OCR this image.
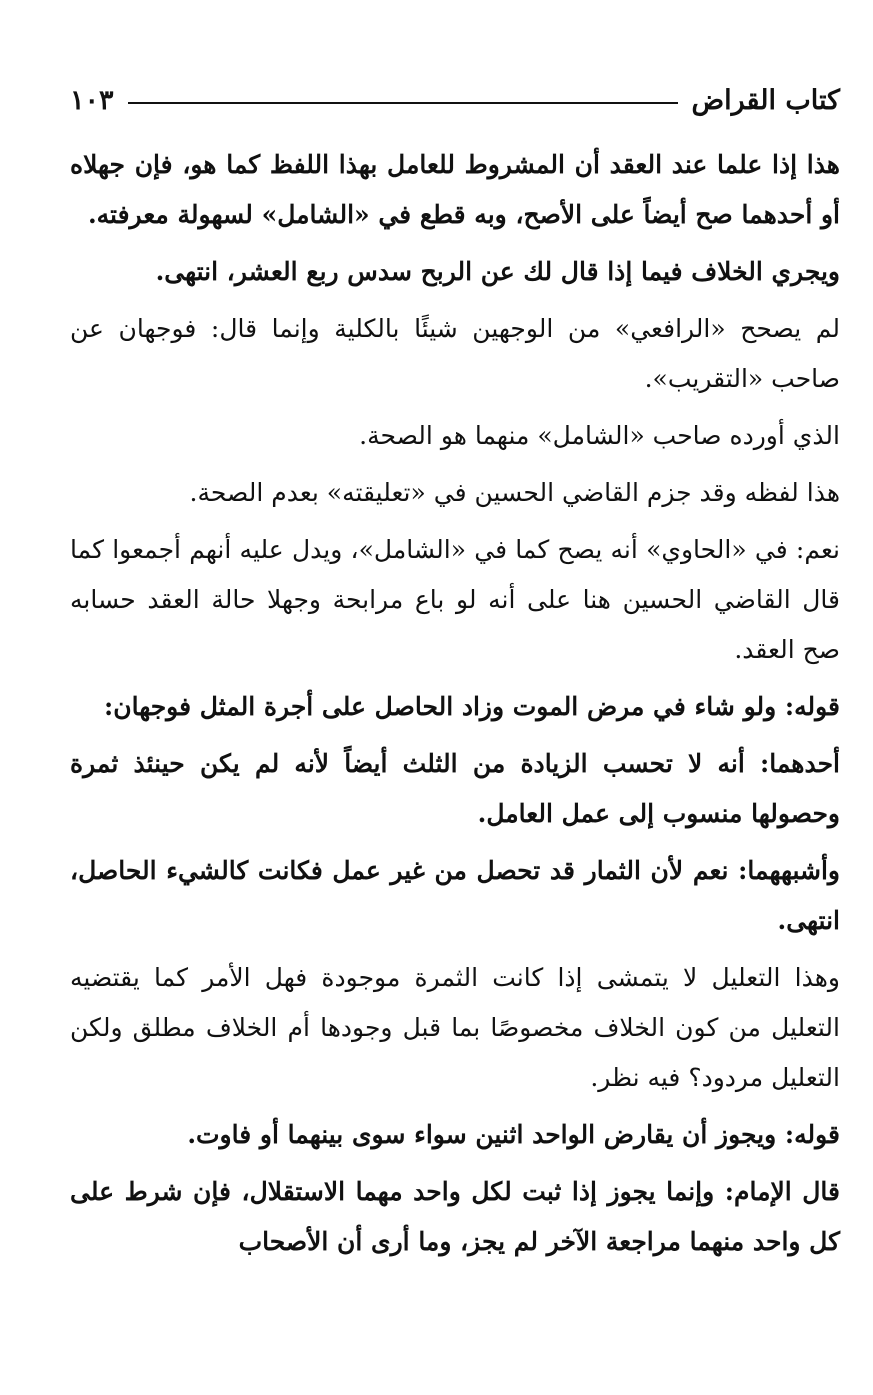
كتاب القراض
١٠٣

هذا إذا علما عند العقد أن المشروط للعامل بهذا اللفظ كما هو، فإن جهلاه أو أحدهما صح أيضاً على الأصح، وبه قطع في «الشامل» لسهولة معرفته.

ويجري الخلاف فيما إذا قال لك عن الربح سدس ربع العشر، انتهى.

لم يصحح «الرافعي» من الوجهين شيئًا بالكلية وإنما قال: فوجهان عن صاحب «التقريب».

الذي أورده صاحب «الشامل» منهما هو الصحة.

هذا لفظه وقد جزم القاضي الحسين في «تعليقته» بعدم الصحة.

نعم: في «الحاوي» أنه يصح كما في «الشامل»، ويدل عليه أنهم أجمعوا كما قال القاضي الحسين هنا على أنه لو باع مرابحة وجهلا حالة العقد حسابه صح العقد.

قوله: ولو شاء في مرض الموت وزاد الحاصل على أجرة المثل فوجهان:

أحدهما: أنه لا تحسب الزيادة من الثلث أيضاً لأنه لم يكن حينئذ ثمرة وحصولها منسوب إلى عمل العامل.

وأشبههما: نعم لأن الثمار قد تحصل من غير عمل فكانت كالشيء الحاصل، انتهى.

وهذا التعليل لا يتمشى إذا كانت الثمرة موجودة فهل الأمر كما يقتضيه التعليل من كون الخلاف مخصوصًا بما قبل وجودها أم الخلاف مطلق ولكن التعليل مردود؟ فيه نظر.

قوله: ويجوز أن يقارض الواحد اثنين سواء سوى بينهما أو فاوت.

قال الإمام: وإنما يجوز إذا ثبت لكل واحد مهما الاستقلال، فإن شرط على كل واحد منهما مراجعة الآخر لم يجز، وما أرى أن الأصحاب
